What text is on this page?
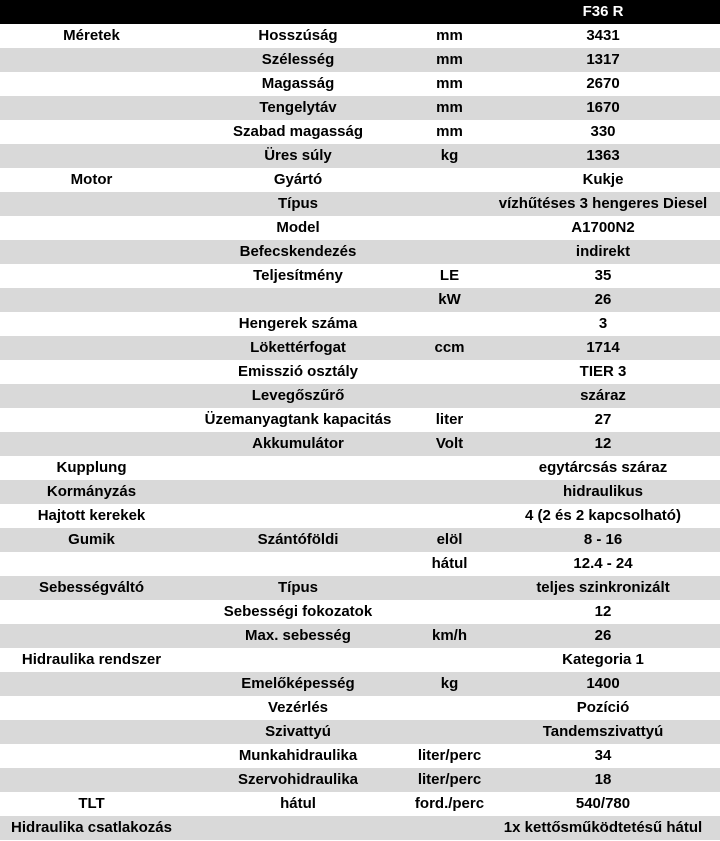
			F36 R
Méretek	Hosszúság	mm	3431
	Szélesség	mm	1317
	Magasság	mm	2670
	Tengelytáv	mm	1670
	Szabad magasság	mm	330
	Üres súly	kg	1363
Motor	Gyártó		Kukje
	Típus		vízhűtéses 3 hengeres Diesel
	Model		A1700N2
	Befecskendezés		indirekt
	Teljesítmény	LE	35
		kW	26
	Hengerek száma		3
	Lökettérfogat	ccm	1714
	Emisszió osztály		TIER 3
	Levegőszűrő		száraz
	Üzemanyagtank kapacitás	liter	27
	Akkumulátor	Volt	12
Kupplung			egytárcsás száraz
Kormányzás			hidraulikus
Hajtott kerekek			4 (2 és 2 kapcsolható)
Gumik	Szántóföldi	elöl	8 - 16
		hátul	12.4 - 24
Sebességváltó	Típus		teljes szinkronizált
	Sebességi fokozatok		12
	Max. sebesség	km/h	26
Hidraulika rendszer			Kategoria 1
	Emelőképesség	kg	1400
	Vezérlés		Pozíció
	Szivattyú		Tandemszivattyú
	Munkahidraulika	liter/perc	34
	Szervohidraulika	liter/perc	18
TLT	hátul	ford./perc	540/780
Hidraulika csatlakozás			1x kettősműködtetésű hátul
